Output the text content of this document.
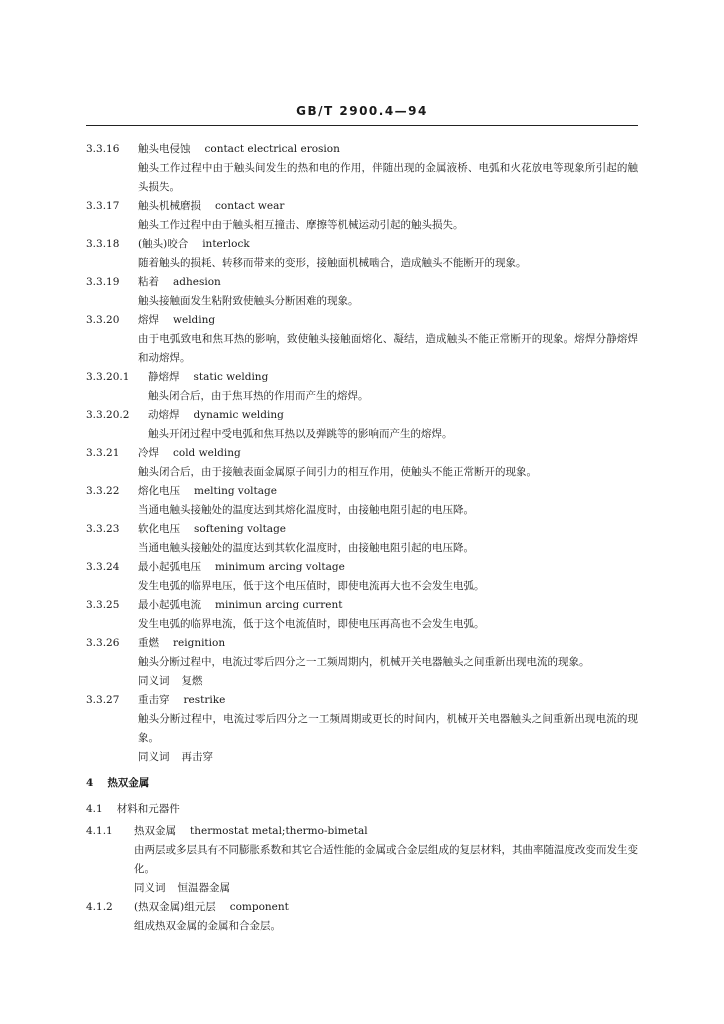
GB/T 2900.4—94
3.3.16 触头电侵蚀 contact electrical erosion
触头工作过程中由于触头间发生的热和电的作用，伴随出现的金属液桥、电弧和火花放电等现象所引起的触头损失。
3.3.17 触头机械磨损 contact wear
触头工作过程中由于触头相互撞击、摩擦等机械运动引起的触头损失。
3.3.18 (触头)咬合 interlock
随着触头的损耗、转移而带来的变形，接触面机械啮合，造成触头不能断开的现象。
3.3.19 粘着 adhesion
触头接触面发生粘附致使触头分断困难的现象。
3.3.20 熔焊 welding
由于电弧致电和焦耳热的影响，致使触头接触面熔化、凝结，造成触头不能正常断开的现象。熔焊分静熔焊和动熔焊。
3.3.20.1 静熔焊 static welding
触头闭合后，由于焦耳热的作用而产生的熔焊。
3.3.20.2 动熔焊 dynamic welding
触头开闭过程中受电弧和焦耳热以及弹跳等的影响而产生的熔焊。
3.3.21 冷焊 cold welding
触头闭合后，由于接触表面金属原子间引力的相互作用，使触头不能正常断开的现象。
3.3.22 熔化电压 melting voltage
当通电触头接触处的温度达到其熔化温度时，由接触电阻引起的电压降。
3.3.23 软化电压 softening voltage
当通电触头接触处的温度达到其软化温度时，由接触电阻引起的电压降。
3.3.24 最小起弧电压 minimum arcing voltage
发生电弧的临界电压，低于这个电压值时，即使电流再大也不会发生电弧。
3.3.25 最小起弧电流 minimun arcing current
发生电弧的临界电流，低于这个电流值时，即使电压再高也不会发生电弧。
3.3.26 重燃 reignition
触头分断过程中，电流过零后四分之一工频周期内，机械开关电器触头之间重新出现电流的现象。
同义词 复燃
3.3.27 重击穿 restrike
触头分断过程中，电流过零后四分之一工频周期或更长的时间内，机械开关电器触头之间重新出现电流的现象。
同义词 再击穿
4 热双金属
4.1 材料和元器件
4.1.1 热双金属 thermostat metal;thermo-bimetal
由两层或多层具有不同膨胀系数和其它合适性能的金属或合金层组成的复层材料，其曲率随温度改变而发生变化。
同义词 恒温器金属
4.1.2 (热双金属)组元层 component
组成热双金属的金属和合金层。
